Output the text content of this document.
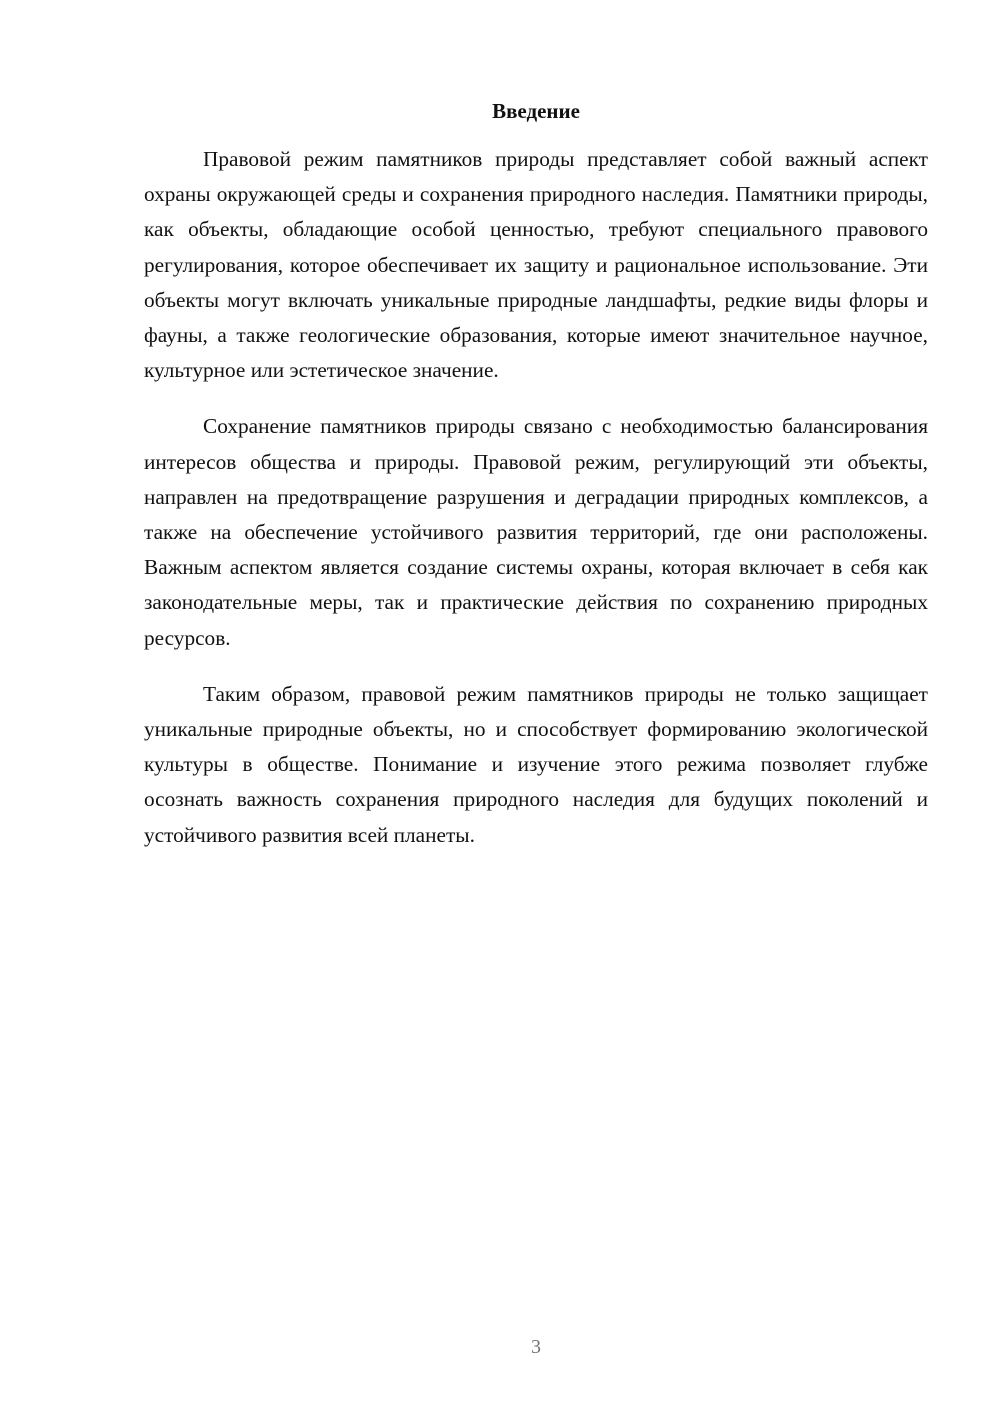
Введение

Правовой режим памятников природы представляет собой важный аспект охраны окружающей среды и сохранения природного наследия. Памятники природы, как объекты, обладающие особой ценностью, требуют специального правового регулирования, которое обеспечивает их защиту и рациональное использование. Эти объекты могут включать уникальные природные ландшафты, редкие виды флоры и фауны, а также геологические образования, которые имеют значительное научное, культурное или эстетическое значение.

Сохранение памятников природы связано с необходимостью балансирования интересов общества и природы. Правовой режим, регулирующий эти объекты, направлен на предотвращение разрушения и деградации природных комплексов, а также на обеспечение устойчивого развития территорий, где они расположены. Важным аспектом является создание системы охраны, которая включает в себя как законодательные меры, так и практические действия по сохранению природных ресурсов.

Таким образом, правовой режим памятников природы не только защищает уникальные природные объекты, но и способствует формированию экологической культуры в обществе. Понимание и изучение этого режима позволяет глубже осознать важность сохранения природного наследия для будущих поколений и устойчивого развития всей планеты.

3
